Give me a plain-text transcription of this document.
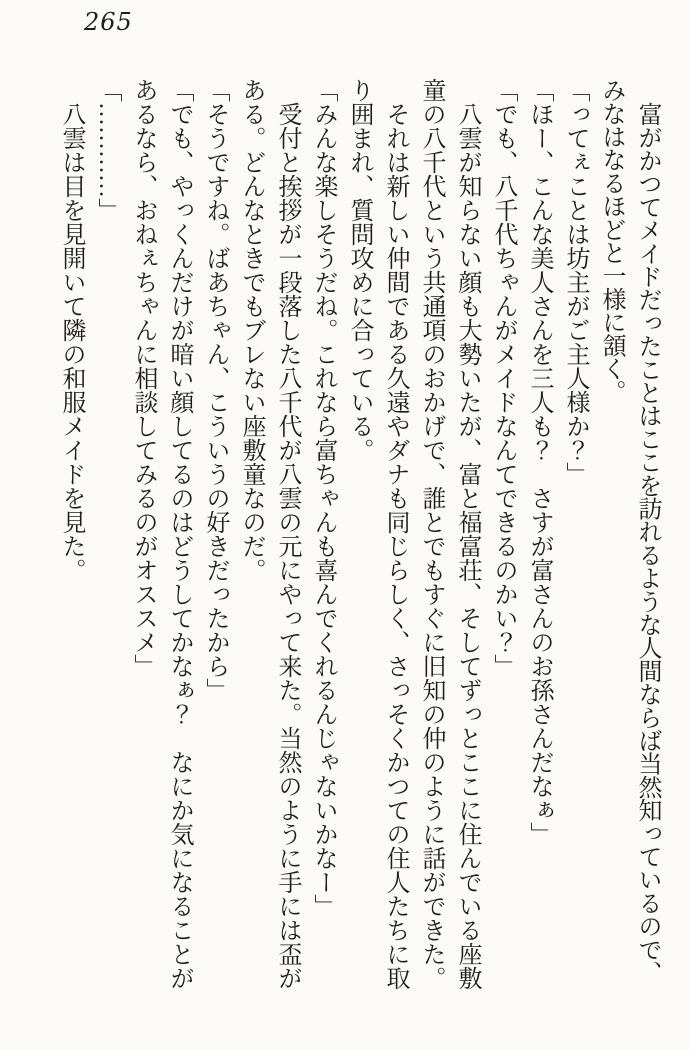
265

富がかつてメイドだったことはここを訪れるような人間ならば当然知っているので、みなはなるほどと一様に頷く。

「ってぇことは坊主がご主人様か？」

「ほー、こんな美人さんを三人も？　さすが富さんのお孫さんだなぁ」

「でも、八千代ちゃんがメイドなんてできるのかい？」

八雲が知らない顔も大勢いたが、富と福富荘、そしてずっとここに住んでいる座敷童の八千代という共通項のおかげで、誰とでもすぐに旧知の仲のように話ができた。

それは新しい仲間である久遠やダナも同じらしく、さっそくかつての住人たちに取り囲まれ、質問攻めに合っている。

「みんな楽しそうだね。これなら富ちゃんも喜んでくれるんじゃないかなー」

受付と挨拶が一段落した八千代が八雲の元にやって来た。当然のように手には盃がある。どんなときでもブレない座敷童なのだ。

「そうですね。ばあちゃん、こういうの好きだったから」

「でも、やっくんだけが暗い顔してるのはどうしてかなぁ？　なにか気になることがあるなら、おねぇちゃんに相談してみるのがオススメ」

「…………」

八雲は目を見開いて隣の和服メイドを見た。
